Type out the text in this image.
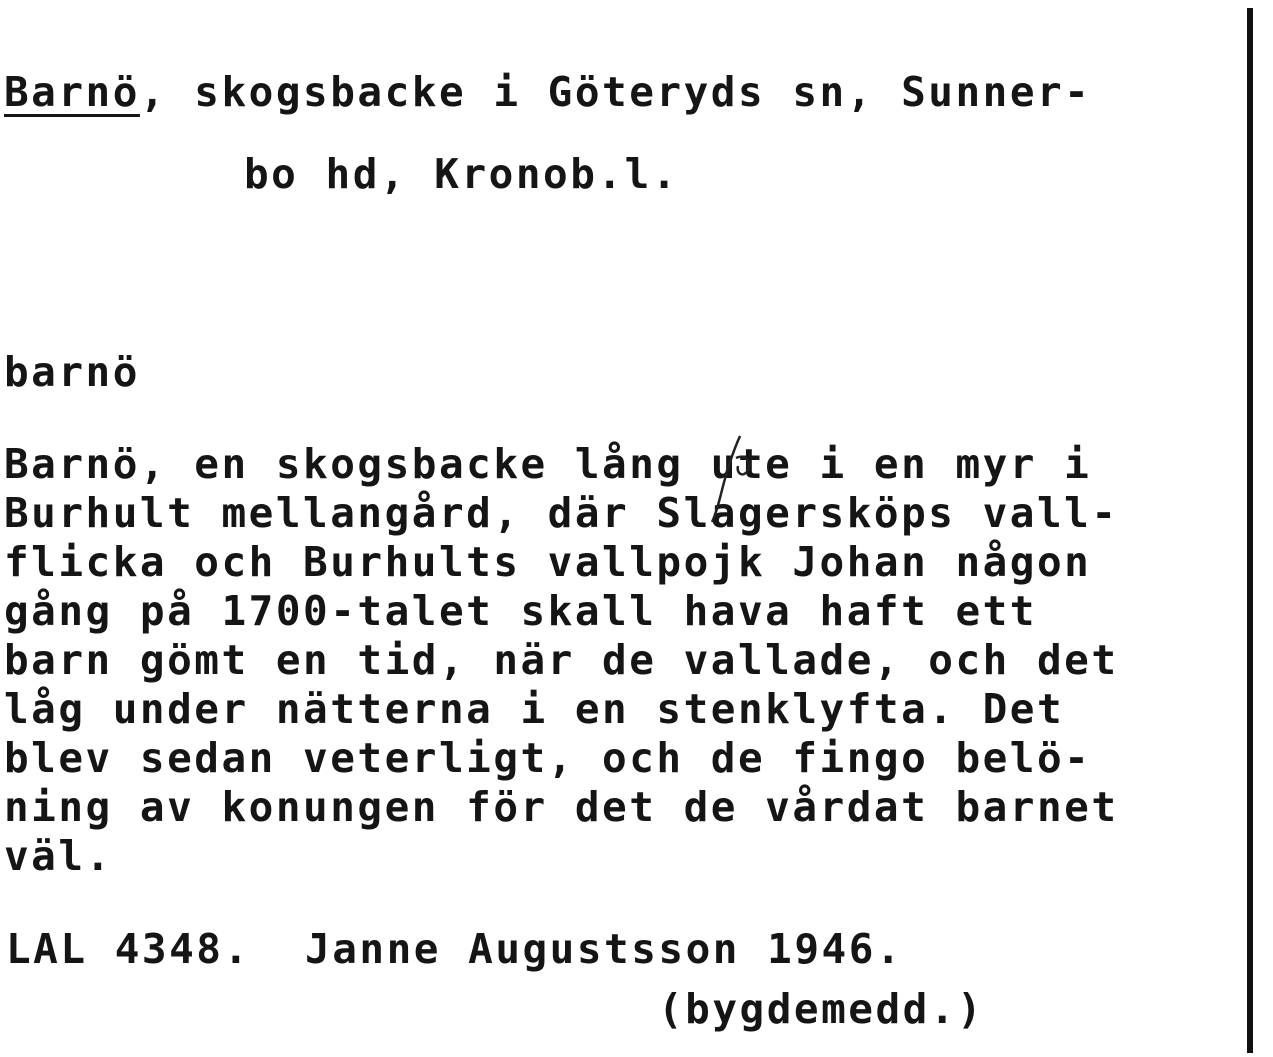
Barnö, skogsbacke i Göteryds sn, Sunner-
bo hd, Kronob.l.
barnö
Barnö, en skogsbacke lång ute i en myr i
Burhult mellangård, där Slagersköps vall-
flicka och Burhults vallpojk Johan någon
gång på 1700-talet skall hava haft ett
barn gömt en tid, när de vallade, och det
låg under nätterna i en stenklyfta. Det
blev sedan veterligt, och de fingo belö-
ning av konungen för det de vårdat barnet
väl.
LAL 4348.  Janne Augustsson 1946.
(bygdemedd.)
